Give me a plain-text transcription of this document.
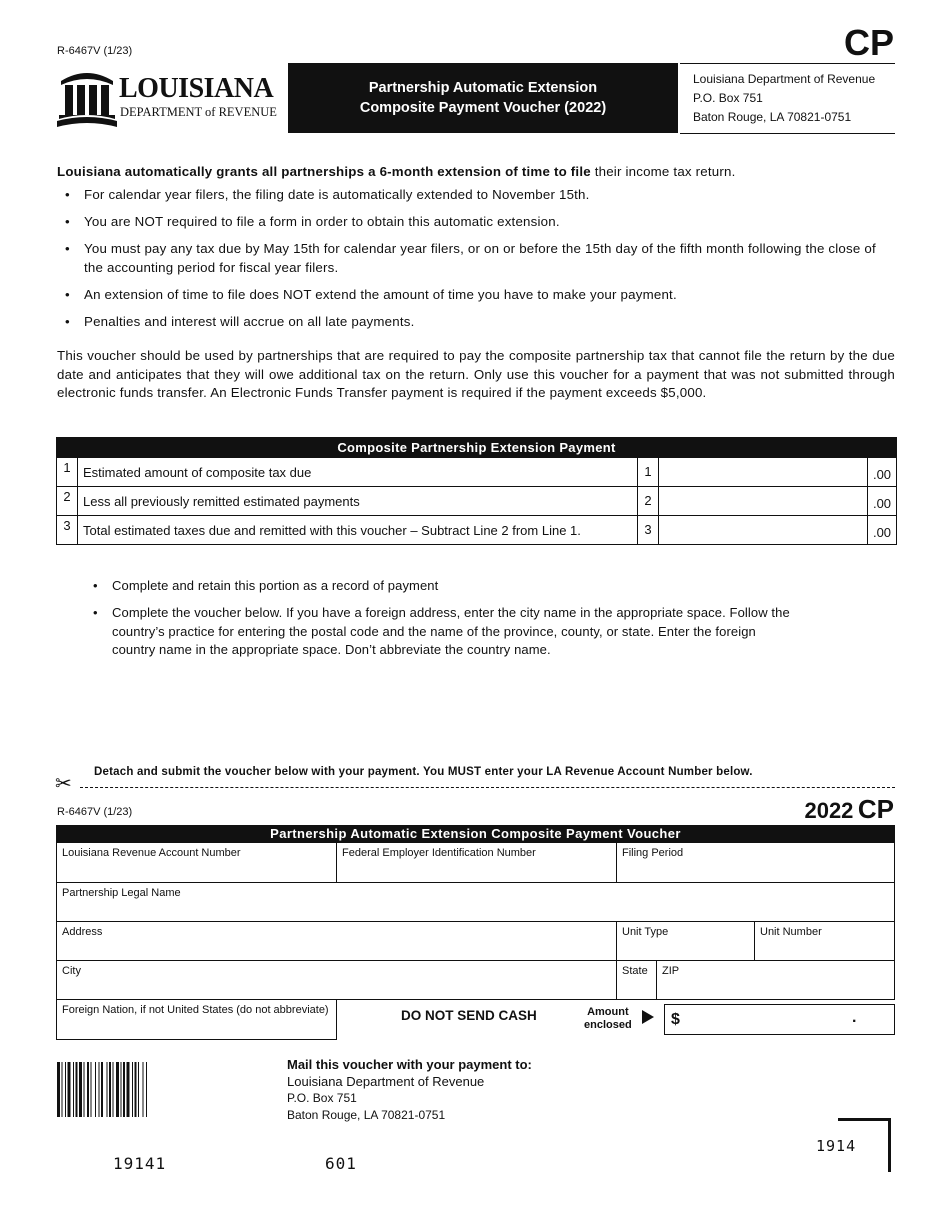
R-6467V (1/23)	CP
LOUISIANA
DEPARTMENT of REVENUE
Partnership Automatic Extension
Composite Payment Voucher (2022)
Louisiana Department of Revenue
P.O. Box 751
Baton Rouge, LA 70821-0751
Louisiana automatically grants all partnerships a 6-month extension of time to file their income tax return.
• For calendar year filers, the filing date is automatically extended to November 15th.
• You are NOT required to file a form in order to obtain this automatic extension.
• You must pay any tax due by May 15th for calendar year filers, or on or before the 15th day of the fifth month following the close of the accounting period for fiscal year filers.
• An extension of time to file does NOT extend the amount of time you have to make your payment.
• Penalties and interest will accrue on all late payments.
This voucher should be used by partnerships that are required to pay the composite partnership tax that cannot file the return by the due date and anticipates that they will owe additional tax on the return. Only use this voucher for a payment that was not submitted through electronic funds transfer. An Electronic Funds Transfer payment is required if the payment exceeds $5,000.
Composite Partnership Extension Payment
1 Estimated amount of composite tax due	1	.00
2 Less all previously remitted estimated payments	2	.00
3 Total estimated taxes due and remitted with this voucher – Subtract Line 2 from Line 1.	3	.00
• Complete and retain this portion as a record of payment
• Complete the voucher below. If you have a foreign address, enter the city name in the appropriate space. Follow the country’s practice for entering the postal code and the name of the province, county, or state. Enter the foreign country name in the appropriate space. Don’t abbreviate the country name.
Detach and submit the voucher below with your payment. You MUST enter your LA Revenue Account Number below.
✂
R-6467V (1/23)	2022 CP
Partnership Automatic Extension Composite Payment Voucher
Louisiana Revenue Account Number	Federal Employer Identification Number	Filing Period
Partnership Legal Name
Address	Unit Type	Unit Number
City	State	ZIP
Foreign Nation, if not United States (do not abbreviate)	DO NOT SEND CASH	Amount
enclosed $	.
Mail this voucher with your payment to:
Louisiana Department of Revenue
P.O. Box 751
Baton Rouge, LA 70821-0751
19141	601
1914
